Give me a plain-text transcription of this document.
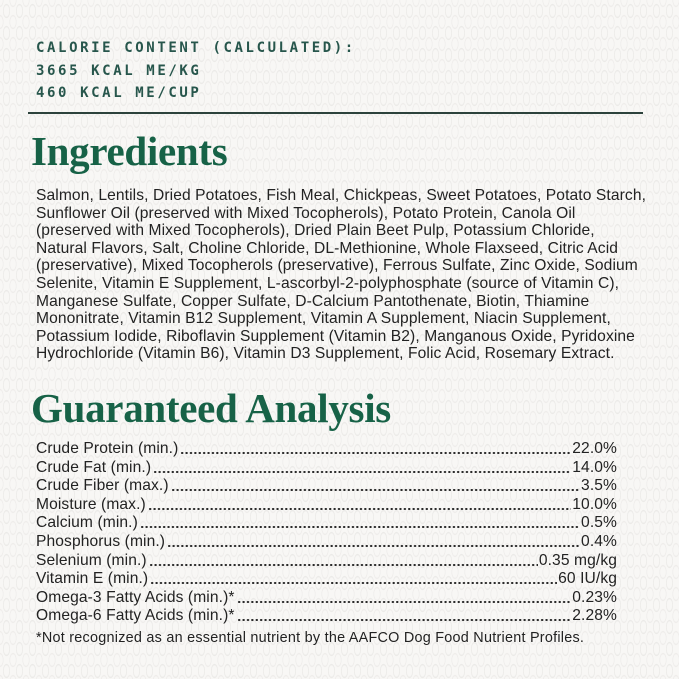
CALORIE CONTENT (CALCULATED):
3665 KCAL ME/KG
460 KCAL ME/CUP
Ingredients

Salmon, Lentils, Dried Potatoes, Fish Meal, Chickpeas, Sweet Potatoes, Potato Starch, Sunflower Oil (preserved with Mixed Tocopherols), Potato Protein, Canola Oil (preserved with Mixed Tocopherols), Dried Plain Beet Pulp, Potassium Chloride, Natural Flavors, Salt, Choline Chloride, DL-Methionine, Whole Flaxseed, Citric Acid (preservative), Mixed Tocopherols (preservative), Ferrous Sulfate, Zinc Oxide, Sodium Selenite, Vitamin E Supplement, L-ascorbyl-2-polyphosphate (source of Vitamin C), Manganese Sulfate, Copper Sulfate, D-Calcium Pantothenate, Biotin, Thiamine Mononitrate, Vitamin B12 Supplement, Vitamin A Supplement, Niacin Supplement, Potassium Iodide, Riboflavin Supplement (Vitamin B2), Manganous Oxide, Pyridoxine Hydrochloride (Vitamin B6), Vitamin D3 Supplement, Folic Acid, Rosemary Extract.

Guaranteed Analysis
Crude Protein (min.)	22.0%
Crude Fat (min.)	14.0%
Crude Fiber (max.)	3.5%
Moisture (max.)	10.0%
Calcium (min.)	0.5%
Phosphorus (min.)	0.4%
Selenium (min.)	0.35 mg/kg
Vitamin E (min.)	60 IU/kg
Omega-3 Fatty Acids (min.)*	0.23%
Omega-6 Fatty Acids (min.)*	2.28%

*Not recognized as an essential nutrient by the AAFCO Dog Food Nutrient Profiles.
